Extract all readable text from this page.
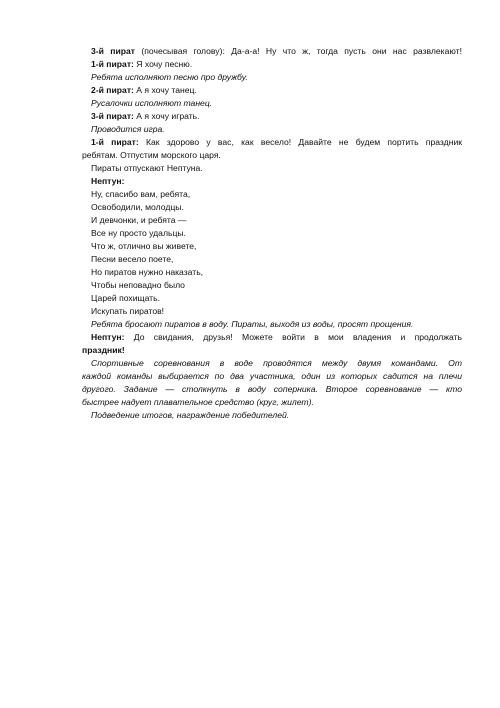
3-й пират (почесывая голову): Да-а-а! Ну что ж, тогда пусть они нас развлекают!
1-й пират: Я хочу песню.
Ребята исполняют песню про дружбу.
2-й пират: А я хочу танец.
Русалочки исполняют танец.
3-й пират: А я хочу играть.
Проводится игра.
1-й пират: Как здорово у вас, как весело! Давайте не будем портить праздник
ребятам. Отпустим морского царя.
Пираты отпускают Нептуна.
Нептун:
Ну, спасибо вам, ребята,
Освободили, молодцы.
И девчонки, и ребята —
Все ну просто удальцы.
Что ж, отлично вы живете,
Песни весело поете,
Но пиратов нужно наказать,
Чтобы неповадно было
Царей похищать.
Искупать пиратов!
Ребята бросают пиратов в воду. Пираты, выходя из воды, просят прощения.
Нептун: До свидания, друзья! Можете войти в мои владения и продолжать
праздник!
Спортивные соревнования в воде проводятся между двумя командами. От
каждой команды выбирается по два участника, один из которых садится на плечи
другого. Задание — столкнуть в воду соперника. Второе соревнование — кто
быстрее надует плавательное средство (круг, жилет).
Подведение итогов, награждение победителей.
